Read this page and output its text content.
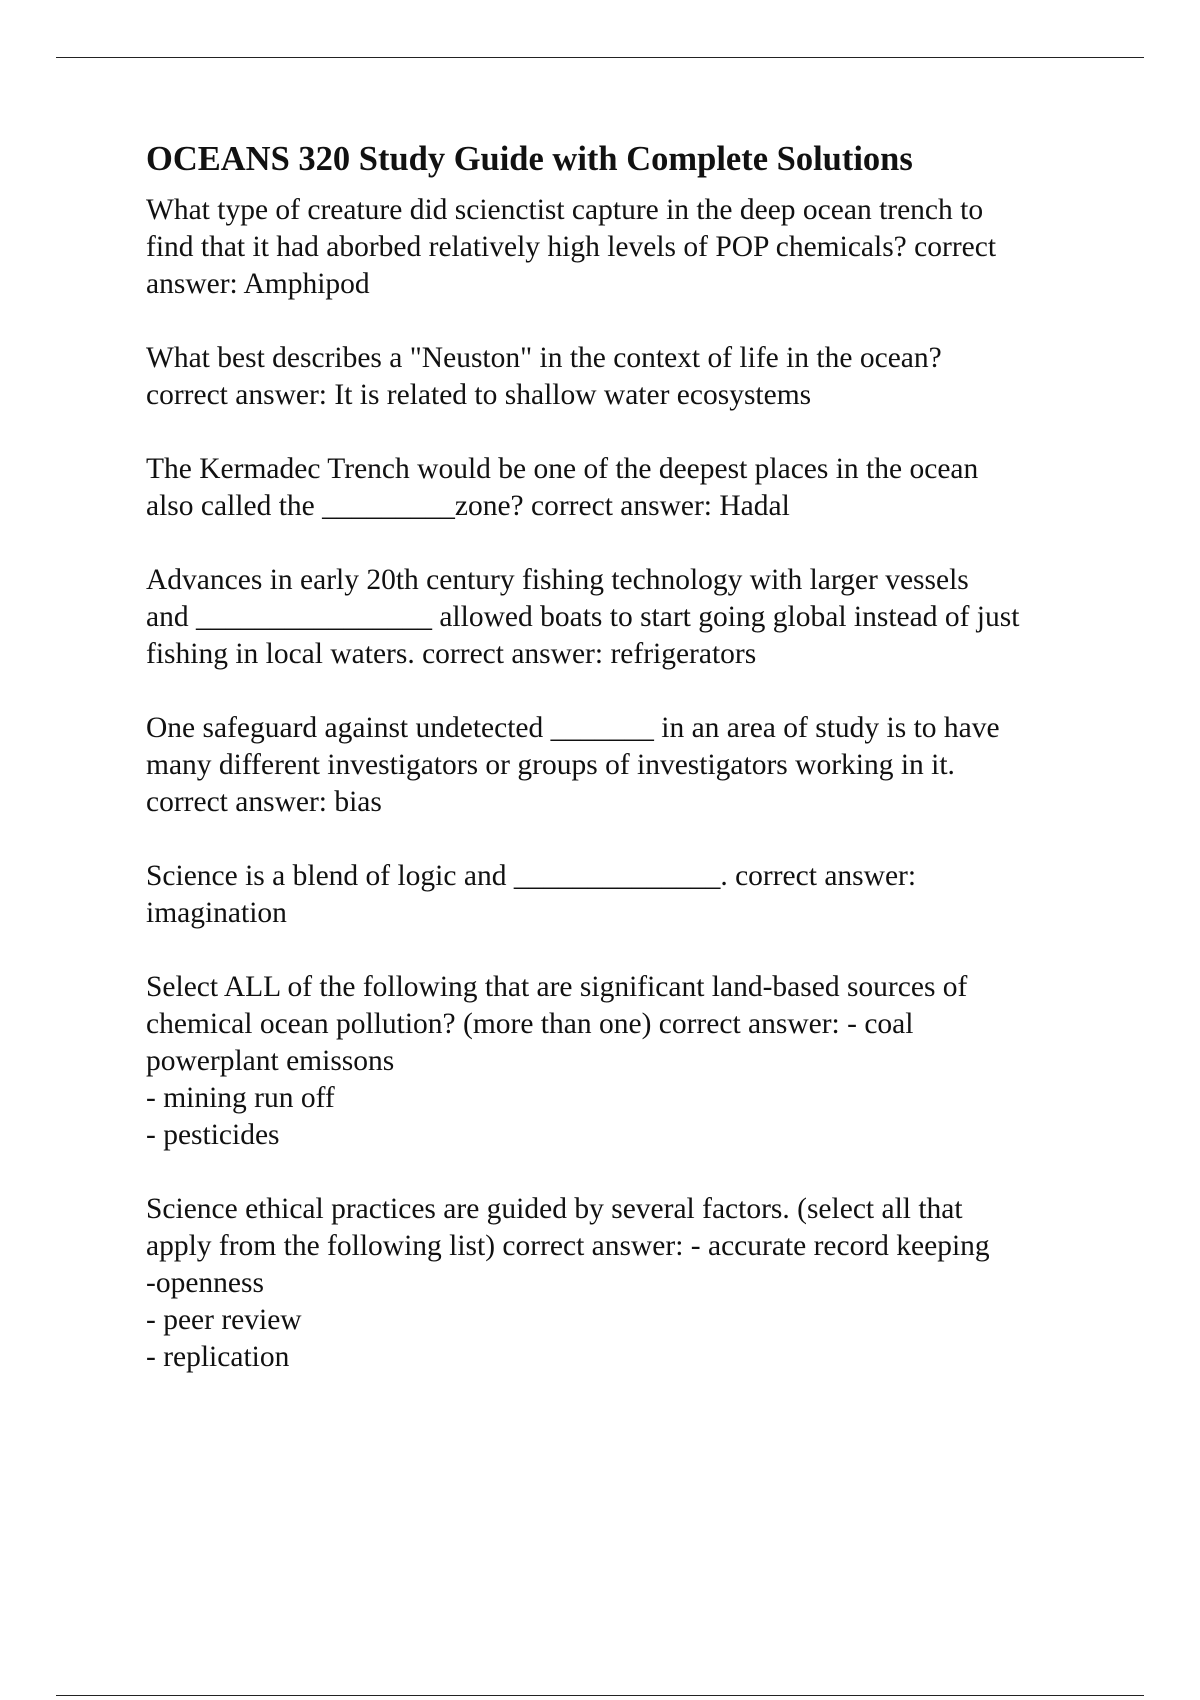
OCEANS 320 Study Guide with Complete Solutions

What type of creature did scienctist capture in the deep ocean trench to
find that it had aborbed relatively high levels of POP chemicals? correct
answer: Amphipod

What best describes a "Neuston" in the context of life in the ocean?
correct answer: It is related to shallow water ecosystems

The Kermadec Trench would be one of the deepest places in the ocean
also called the _________zone? correct answer: Hadal

Advances in early 20th century fishing technology with larger vessels
and ________________ allowed boats to start going global instead of just
fishing in local waters. correct answer: refrigerators

One safeguard against undetected _______ in an area of study is to have
many different investigators or groups of investigators working in it.
correct answer: bias

Science is a blend of logic and ______________. correct answer:
imagination

Select ALL of the following that are significant land-based sources of
chemical ocean pollution? (more than one) correct answer: - coal
powerplant emissons
- mining run off
- pesticides

Science ethical practices are guided by several factors. (select all that
apply from the following list) correct answer: - accurate record keeping
-openness
- peer review
- replication
